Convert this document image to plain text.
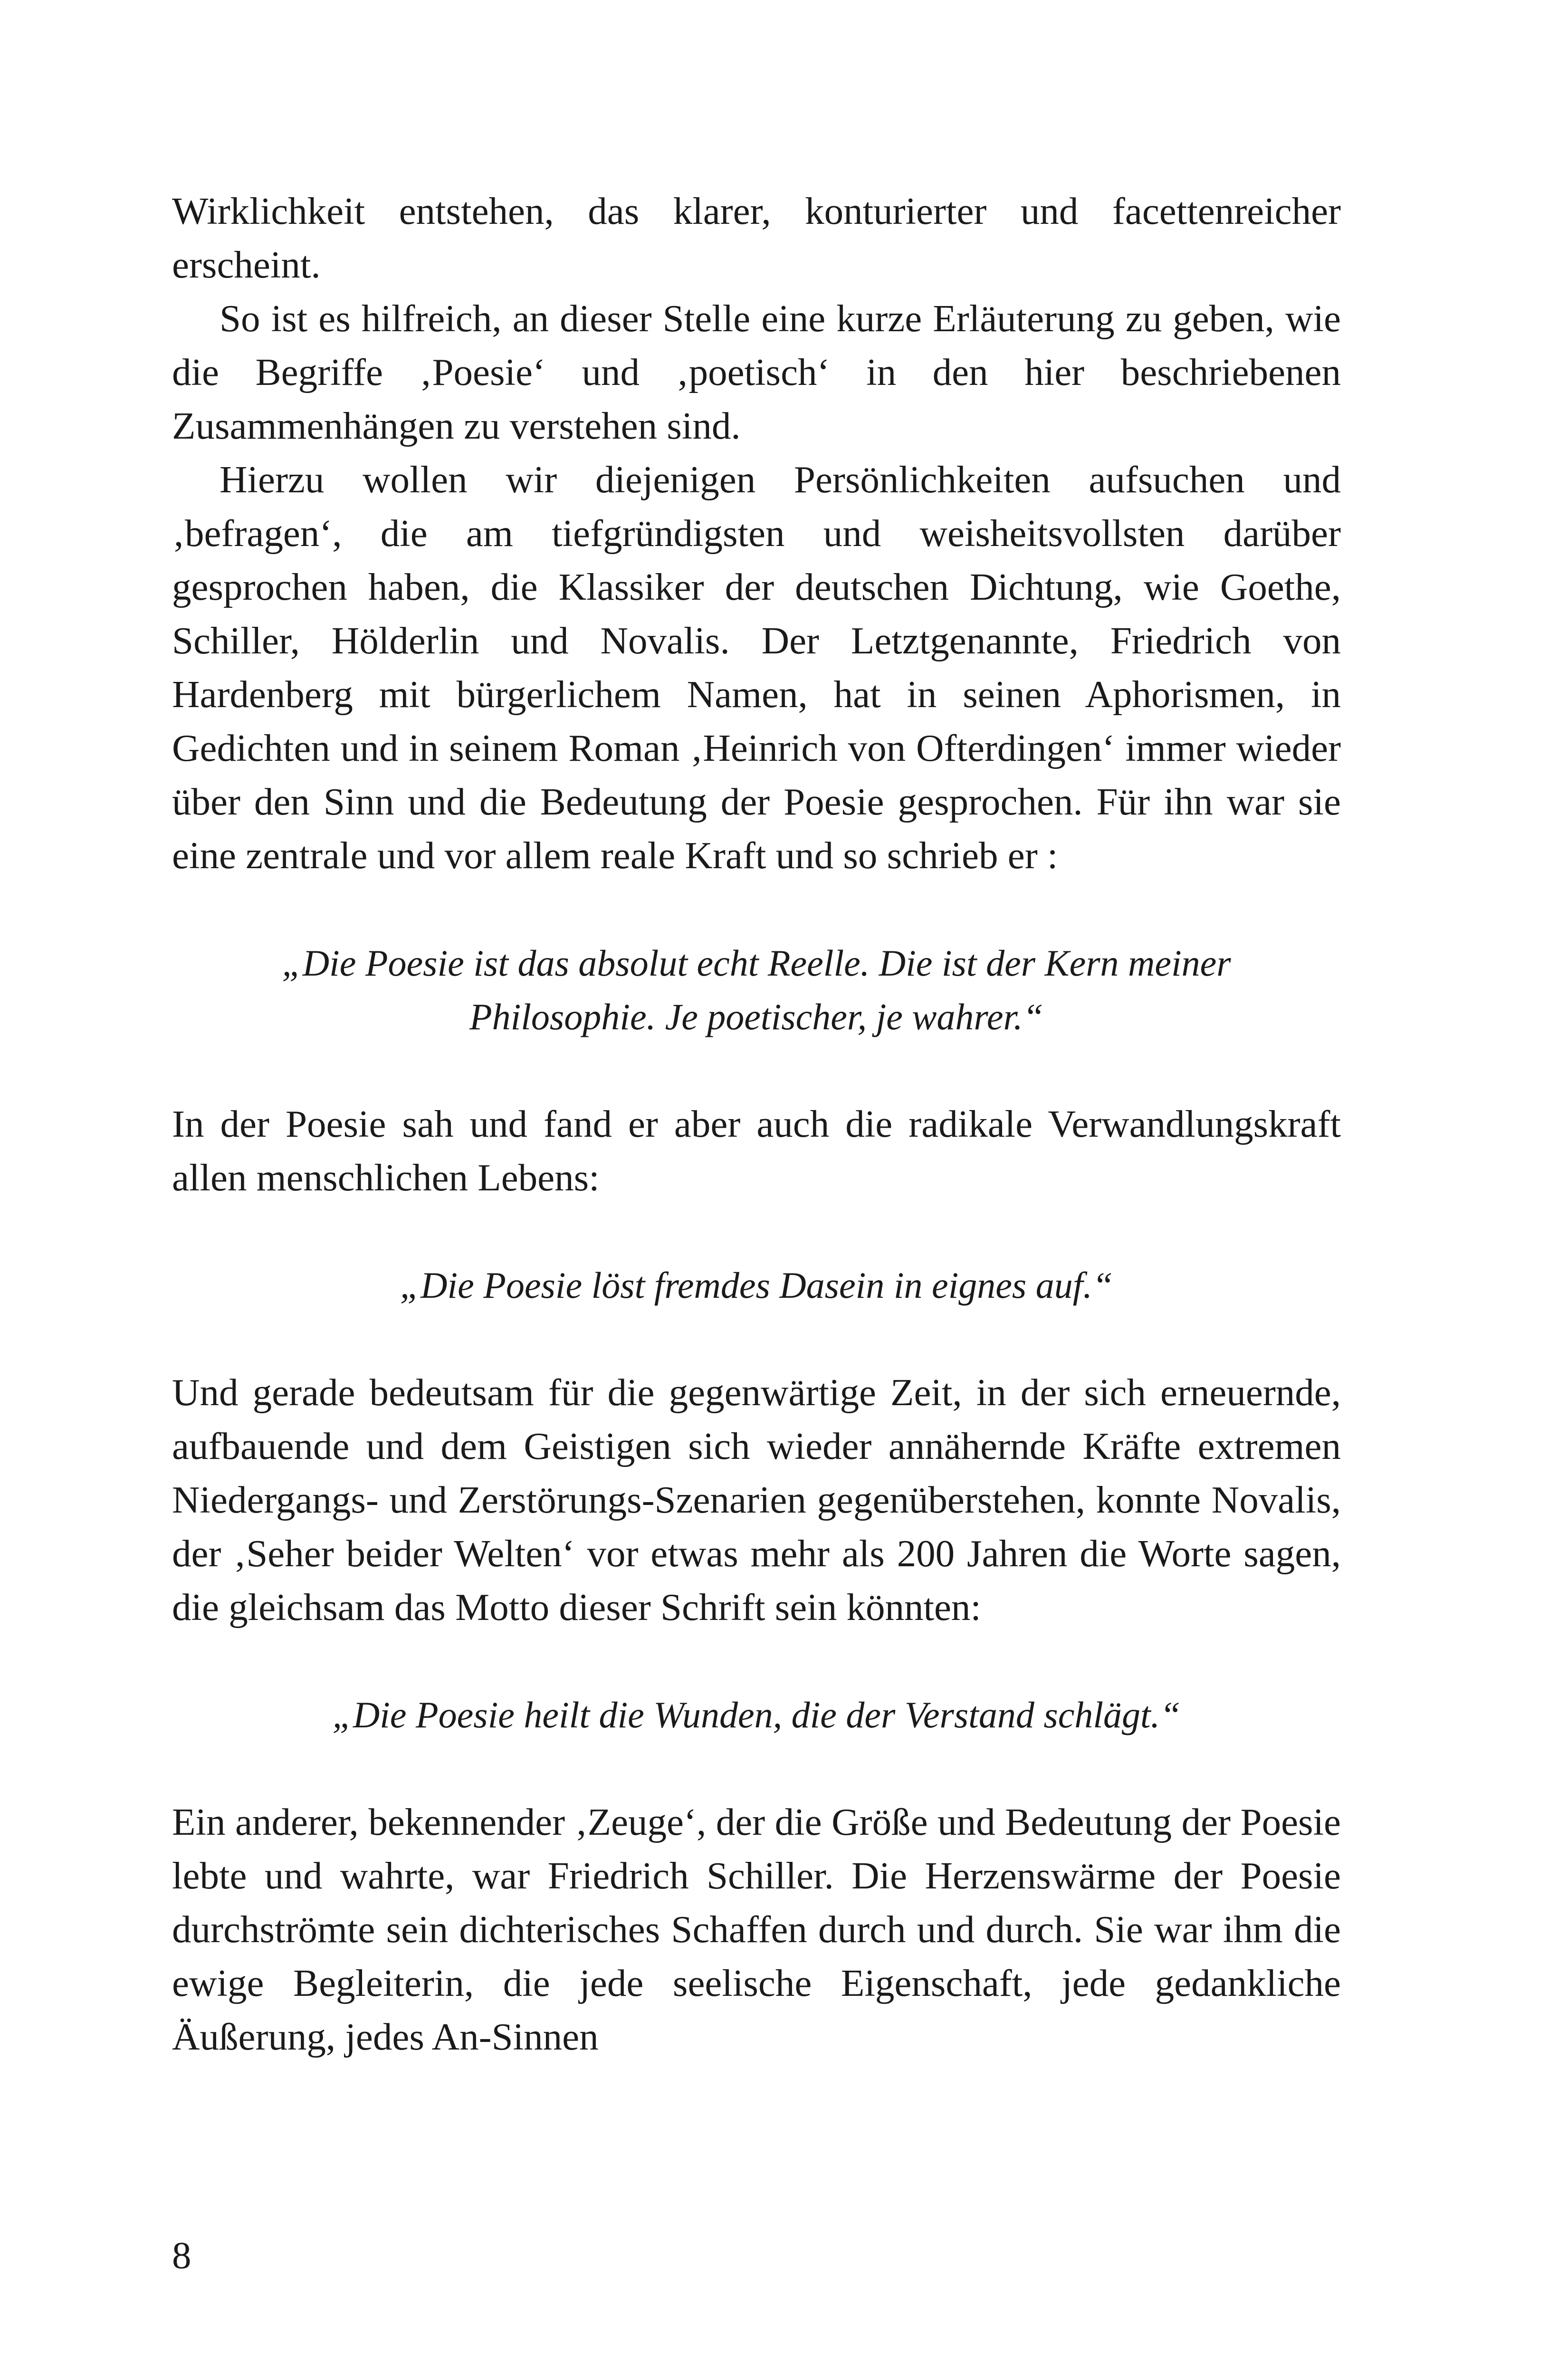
Wirklichkeit entstehen, das klarer, konturierter und facettenreicher erscheint.

So ist es hilfreich, an dieser Stelle eine kurze Erläuterung zu geben, wie die Begriffe ‚Poesie‘ und ‚poetisch‘ in den hier beschriebenen Zusammenhängen zu verstehen sind.

Hierzu wollen wir diejenigen Persönlichkeiten aufsuchen und ‚befragen‘, die am tiefgründigsten und weisheitsvollsten darüber gesprochen haben, die Klassiker der deutschen Dichtung, wie Goethe, Schiller, Hölderlin und Novalis. Der Letztgenannte, Friedrich von Hardenberg mit bürgerlichem Namen, hat in seinen Aphorismen, in Gedichten und in seinem Roman ‚Heinrich von Ofterdingen‘ immer wieder über den Sinn und die Bedeutung der Poesie gesprochen. Für ihn war sie eine zentrale und vor allem reale Kraft und so schrieb er :

„Die Poesie ist das absolut echt Reelle. Die ist der Kern meiner

Philosophie. Je poetischer, je wahrer.“

In der Poesie sah und fand er aber auch die radikale Verwandlungskraft allen menschlichen Lebens:

„Die Poesie löst fremdes Dasein in eignes auf.“

Und gerade bedeutsam für die gegenwärtige Zeit, in der sich erneuernde, aufbauende und dem Geistigen sich wieder annähernde Kräfte extremen Niedergangs- und Zerstörungs-Szenarien gegenüberstehen, konnte Novalis, der ‚Seher beider Welten‘ vor etwas mehr als 200 Jahren die Worte sagen, die gleichsam das Motto dieser Schrift sein könnten:

„Die Poesie heilt die Wunden, die der Verstand schlägt.“

Ein anderer, bekennender ‚Zeuge‘, der die Größe und Bedeutung der Poesie lebte und wahrte, war Friedrich Schiller. Die Herzenswärme der Poesie durchströmte sein dichterisches Schaffen durch und durch. Sie war ihm die ewige Begleiterin, die jede seelische Eigenschaft, jede gedankliche Äußerung, jedes An-Sinnen

8
